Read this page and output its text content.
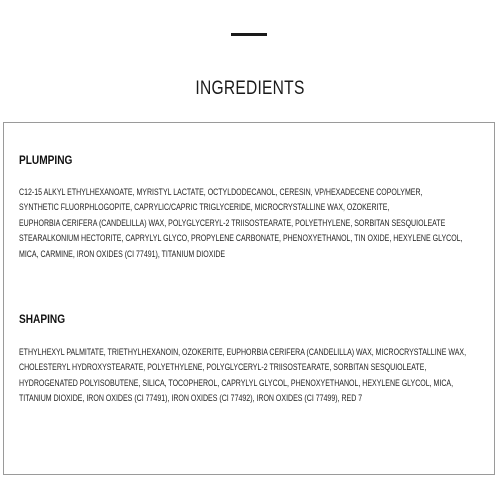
INGREDIENTS
PLUMPING
C12-15 ALKYL ETHYLHEXANOATE, MYRISTYL LACTATE, OCTYLDODECANOL, CERESIN, VP/HEXADECENE COPOLYMER,
SYNTHETIC FLUORPHLOGOPITE, CAPRYLIC/CAPRIC TRIGLYCERIDE, MICROCRYSTALLINE WAX, OZOKERITE,
EUPHORBIA CERIFERA (CANDELILLA) WAX, POLYGLYCERYL-2 TRIISOSTEARATE, POLYETHYLENE, SORBITAN SESQUIOLEATE
STEARALKONIUM HECTORITE, CAPRYLYL GLYCO, PROPYLENE CARBONATE, PHENOXYETHANOL, TIN OXIDE, HEXYLENE GLYCOL,
MICA, CARMINE, IRON OXIDES (CI 77491), TITANIUM DIOXIDE
SHAPING
ETHYLHEXYL PALMITATE, TRIETHYLHEXANOIN, OZOKERITE, EUPHORBIA CERIFERA (CANDELILLA) WAX, MICROCRYSTALLINE WAX,
CHOLESTERYL HYDROXYSTEARATE, POLYETHYLENE, POLYGLYCERYL-2 TRIISOSTEARATE, SORBITAN SESQUIOLEATE,
HYDROGENATED POLYISOBUTENE, SILICA, TOCOPHEROL, CAPRYLYL GLYCOL, PHENOXYETHANOL, HEXYLENE GLYCOL, MICA,
TITANIUM DIOXIDE, IRON OXIDES (CI 77491), IRON OXIDES (CI 77492), IRON OXIDES (CI 77499), RED 7
